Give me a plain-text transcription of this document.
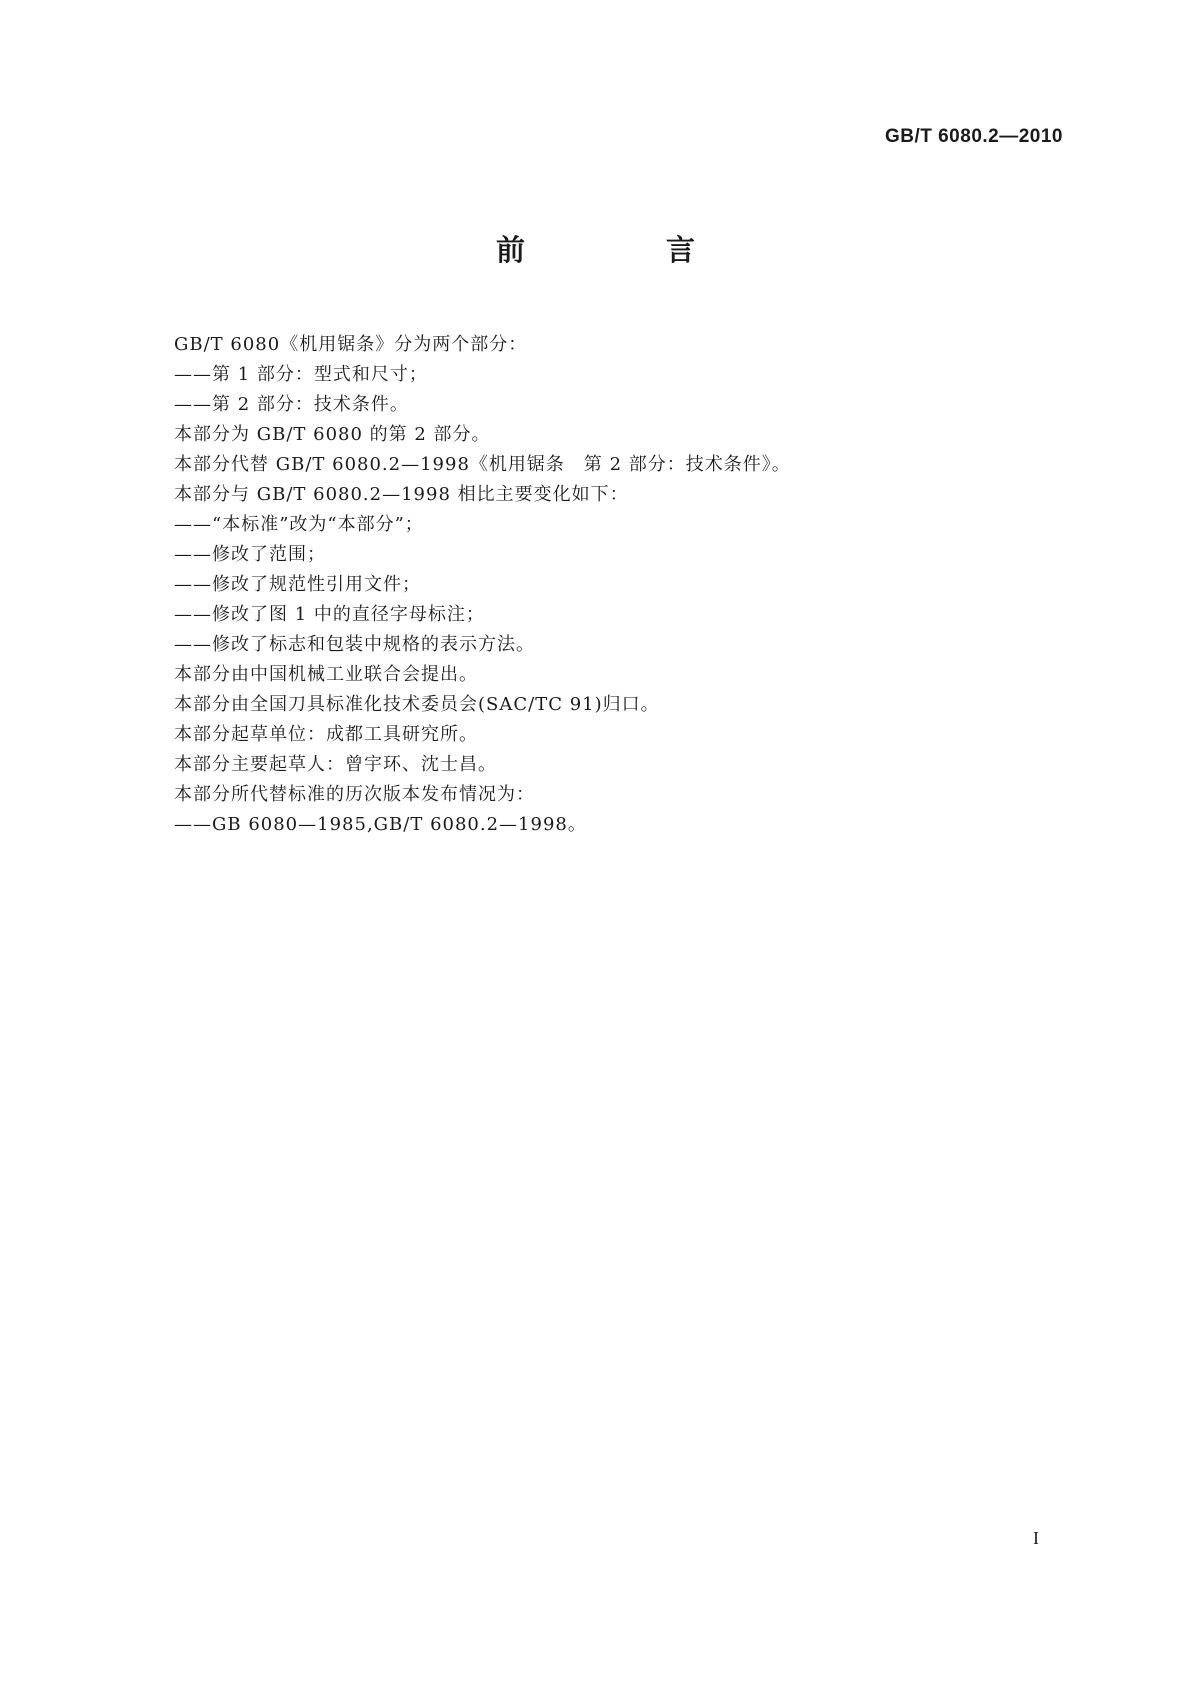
GB/T 6080.2—2010
前　言
GB/T 6080《机用锯条》分为两个部分：
——第 1 部分：型式和尺寸；
——第 2 部分：技术条件。
本部分为 GB/T 6080 的第 2 部分。
本部分代替 GB/T 6080.2—1998《机用锯条　第 2 部分：技术条件》。
本部分与 GB/T 6080.2—1998 相比主要变化如下：
——“本标准”改为“本部分”；
——修改了范围；
——修改了规范性引用文件；
——修改了图 1 中的直径字母标注；
——修改了标志和包装中规格的表示方法。
本部分由中国机械工业联合会提出。
本部分由全国刀具标准化技术委员会(SAC/TC 91)归口。
本部分起草单位：成都工具研究所。
本部分主要起草人：曾宇环、沈士昌。
本部分所代替标准的历次版本发布情况为：
——GB 6080—1985,GB/T 6080.2—1998。
I
